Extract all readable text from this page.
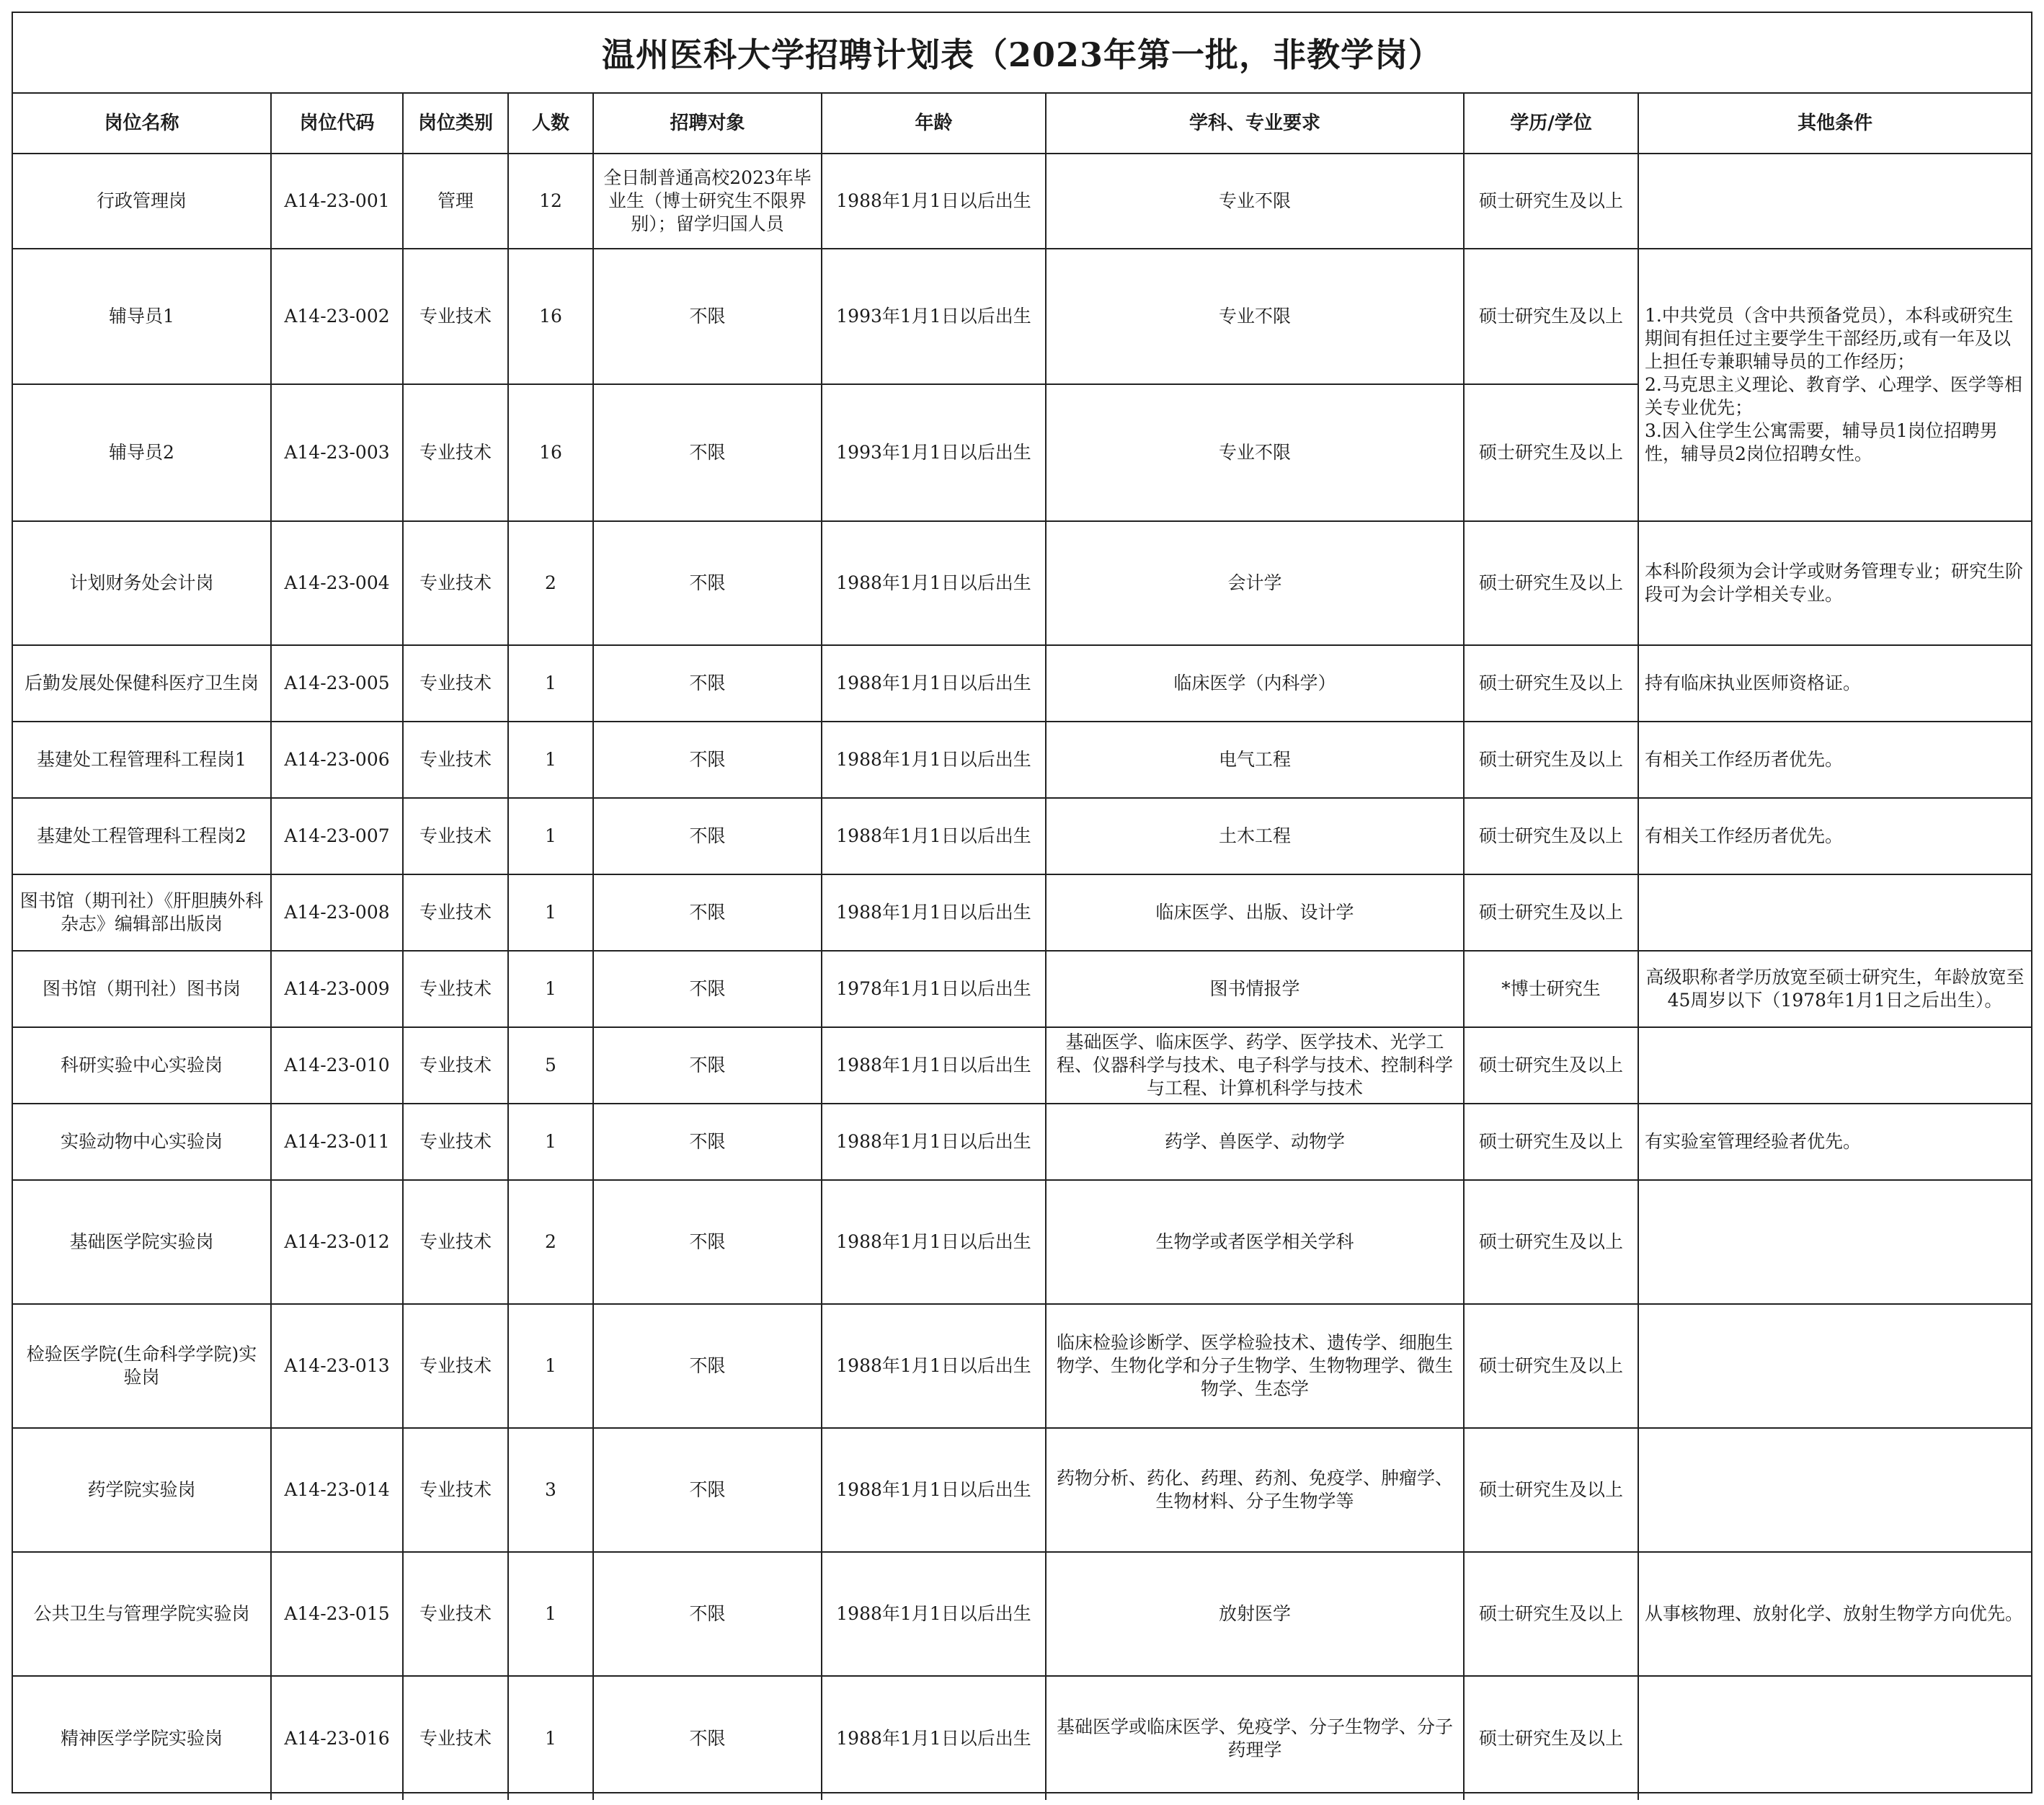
温州医科大学招聘计划表（2023年第一批，非教学岗）
岗位名称	岗位代码	岗位类别	人数	招聘对象	年龄	学科、专业要求	学历/学位	其他条件
行政管理岗	A14-23-001	管理	12	全日制普通高校2023年毕业生（博士研究生不限界别）；留学归国人员	1988年1月1日以后出生	专业不限	硕士研究生及以上	
辅导员1	A14-23-002	专业技术	16	不限	1993年1月1日以后出生	专业不限	硕士研究生及以上	1.中共党员（含中共预备党员），本科或研究生期间有担任过主要学生干部经历,或有一年及以上担任专兼职辅导员的工作经历；
2.马克思主义理论、教育学、心理学、医学等相关专业优先；
3.因入住学生公寓需要，辅导员1岗位招聘男性，辅导员2岗位招聘女性。
辅导员2	A14-23-003	专业技术	16	不限	1993年1月1日以后出生	专业不限	硕士研究生及以上	
计划财务处会计岗	A14-23-004	专业技术	2	不限	1988年1月1日以后出生	会计学	硕士研究生及以上	本科阶段须为会计学或财务管理专业；研究生阶段可为会计学相关专业。
后勤发展处保健科医疗卫生岗	A14-23-005	专业技术	1	不限	1988年1月1日以后出生	临床医学（内科学）	硕士研究生及以上	持有临床执业医师资格证。
基建处工程管理科工程岗1	A14-23-006	专业技术	1	不限	1988年1月1日以后出生	电气工程	硕士研究生及以上	有相关工作经历者优先。
基建处工程管理科工程岗2	A14-23-007	专业技术	1	不限	1988年1月1日以后出生	土木工程	硕士研究生及以上	有相关工作经历者优先。
图书馆（期刊社）《肝胆胰外科杂志》编辑部出版岗	A14-23-008	专业技术	1	不限	1988年1月1日以后出生	临床医学、出版、设计学	硕士研究生及以上	
图书馆（期刊社）图书岗	A14-23-009	专业技术	1	不限	1978年1月1日以后出生	图书情报学	*博士研究生	高级职称者学历放宽至硕士研究生，年龄放宽至45周岁以下（1978年1月1日之后出生）。
科研实验中心实验岗	A14-23-010	专业技术	5	不限	1988年1月1日以后出生	基础医学、临床医学、药学、医学技术、光学工程、仪器科学与技术、电子科学与技术、控制科学与工程、计算机科学与技术	硕士研究生及以上	
实验动物中心实验岗	A14-23-011	专业技术	1	不限	1988年1月1日以后出生	药学、兽医学、动物学	硕士研究生及以上	有实验室管理经验者优先。
基础医学院实验岗	A14-23-012	专业技术	2	不限	1988年1月1日以后出生	生物学或者医学相关学科	硕士研究生及以上	
检验医学院(生命科学学院)实验岗	A14-23-013	专业技术	1	不限	1988年1月1日以后出生	临床检验诊断学、医学检验技术、遗传学、细胞生物学、生物化学和分子生物学、生物物理学、微生物学、生态学	硕士研究生及以上	
药学院实验岗	A14-23-014	专业技术	3	不限	1988年1月1日以后出生	药物分析、药化、药理、药剂、免疫学、肿瘤学、生物材料、分子生物学等	硕士研究生及以上	
公共卫生与管理学院实验岗	A14-23-015	专业技术	1	不限	1988年1月1日以后出生	放射医学	硕士研究生及以上	从事核物理、放射化学、放射生物学方向优先。
精神医学学院实验岗	A14-23-016	专业技术	1	不限	1988年1月1日以后出生	基础医学或临床医学、免疫学、分子生物学、分子药理学	硕士研究生及以上	
